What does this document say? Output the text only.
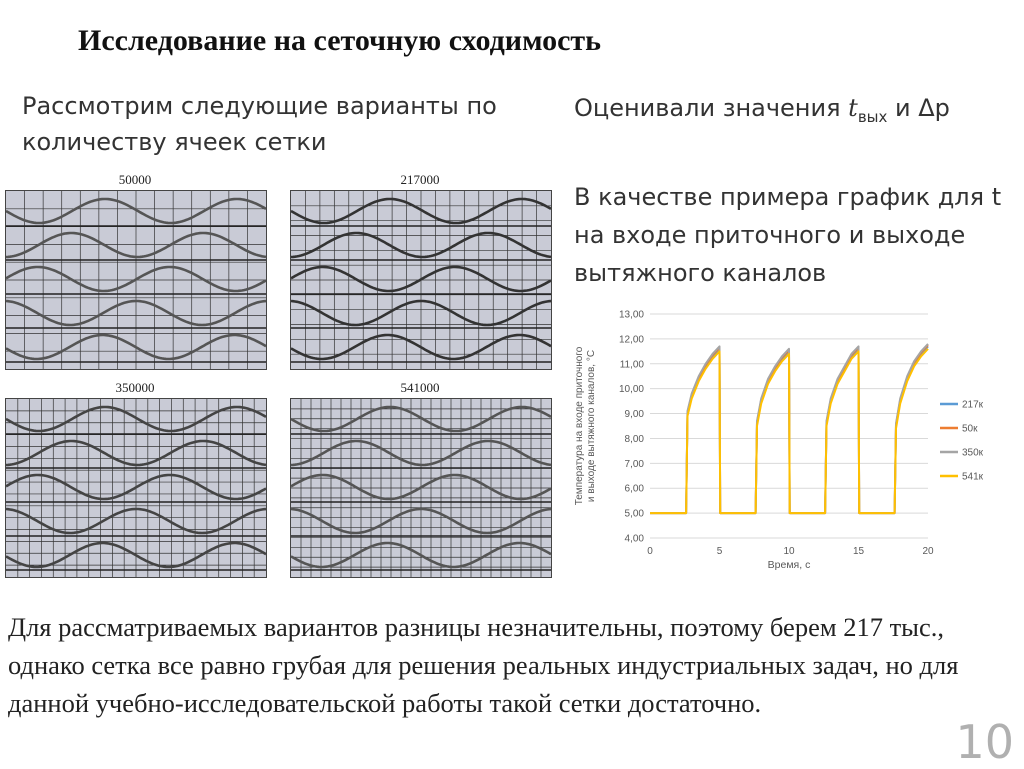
Исследование на сеточную сходимость
Рассмотрим следующие варианты по количеству ячеек сетки
Оценивали значения $t_{вых}$ и Δp
В качестве примера график для t на входе приточного и выходе вытяжного каналов
50000	217000
350000	541000
4,00
5,00
6,00
7,00
8,00
9,00
10,00
11,00
12,00
13,00
0	5	10	15	20
Время, с
Температура на входе приточногои выходе вытяжного каналов, °C	217к
50к
350к
541к
Для рассматриваемых вариантов разницы незначительны, поэтому берем 217 тыс., однако сетка все равно грубая для решения реальных индустриальных задач, но для данной учебно-исследовательской работы такой сетки достаточно.
10
